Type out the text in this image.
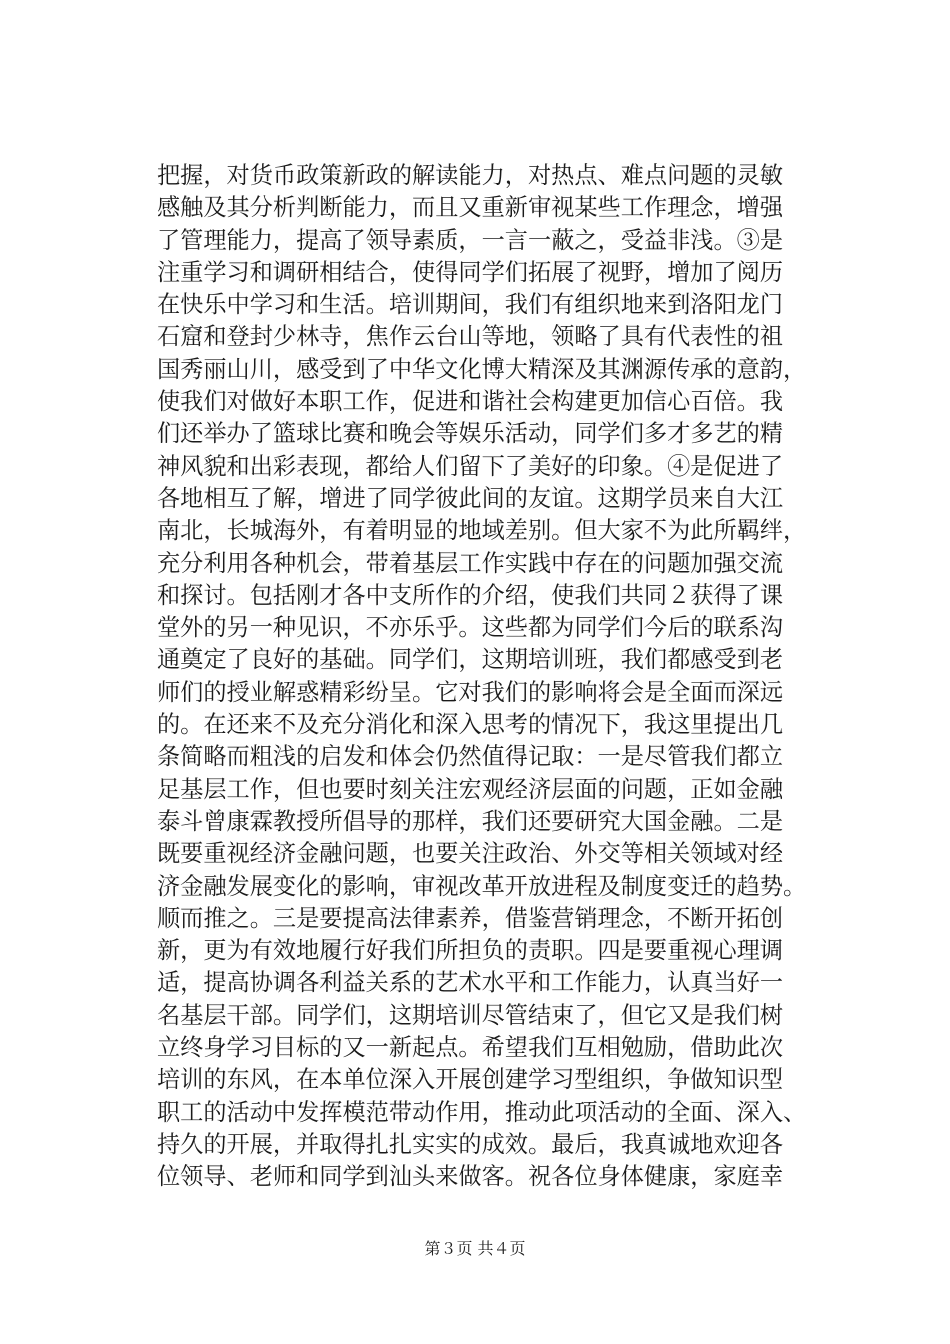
把握，对货币政策新政的解读能力，对热点、难点问题的灵敏
感触及其分析判断能力，而且又重新审视某些工作理念，增强
了管理能力，提高了领导素质，一言一蔽之，受益非浅。③是
注重学习和调研相结合，使得同学们拓展了视野，增加了阅历
在快乐中学习和生活。培训期间，我们有组织地来到洛阳龙门
石窟和登封少林寺，焦作云台山等地，领略了具有代表性的祖
国秀丽山川，感受到了中华文化博大精深及其渊源传承的意韵，
使我们对做好本职工作，促进和谐社会构建更加信心百倍。我
们还举办了篮球比赛和晚会等娱乐活动，同学们多才多艺的精
神风貌和出彩表现，都给人们留下了美好的印象。④是促进了
各地相互了解，增进了同学彼此间的友谊。这期学员来自大江
南北，长城海外，有着明显的地域差别。但大家不为此所羁绊，
充分利用各种机会，带着基层工作实践中存在的问题加强交流
和探讨。包括刚才各中支所作的介绍，使我们共同２获得了课
堂外的另一种见识，不亦乐乎。这些都为同学们今后的联系沟
通奠定了良好的基础。同学们，这期培训班，我们都感受到老
师们的授业解惑精彩纷呈。它对我们的影响将会是全面而深远
的。在还来不及充分消化和深入思考的情况下，我这里提出几
条简略而粗浅的启发和体会仍然值得记取：一是尽管我们都立
足基层工作，但也要时刻关注宏观经济层面的问题，正如金融
泰斗曾康霖教授所倡导的那样，我们还要研究大国金融。二是
既要重视经济金融问题，也要关注政治、外交等相关领域对经
济金融发展变化的影响，审视改革开放进程及制度变迁的趋势。
顺而推之。三是要提高法律素养，借鉴营销理念，不断开拓创
新，更为有效地履行好我们所担负的责职。四是要重视心理调
适，提高协调各利益关系的艺术水平和工作能力，认真当好一
名基层干部。同学们，这期培训尽管结束了，但它又是我们树
立终身学习目标的又一新起点。希望我们互相勉励，借助此次
培训的东风，在本单位深入开展创建学习型组织，争做知识型
职工的活动中发挥模范带动作用，推动此项活动的全面、深入、
持久的开展，并取得扎扎实实的成效。最后，我真诚地欢迎各
位领导、老师和同学到汕头来做客。祝各位身体健康，家庭幸
第３页 共４页
